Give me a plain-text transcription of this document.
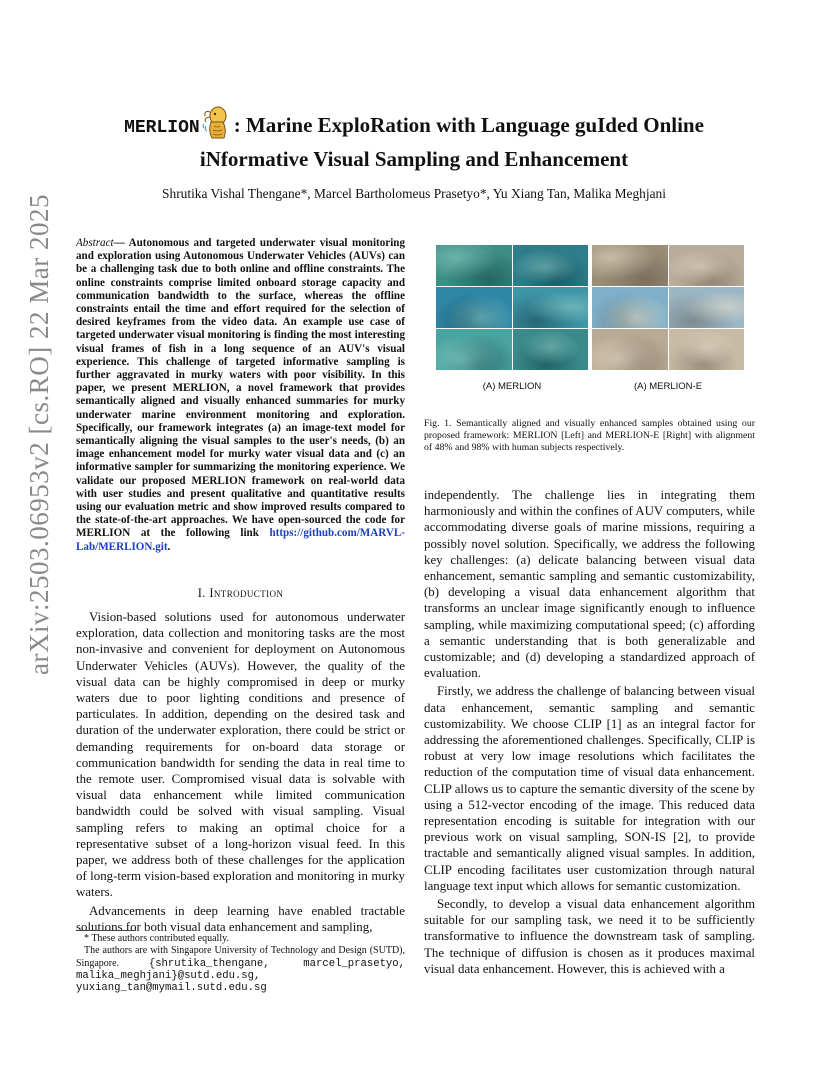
arXiv:2503.06953v2 [cs.RO] 22 Mar 2025
MERLION : Marine ExploRation with Language guIded Online
iNformative Visual Sampling and Enhancement
Shrutika Vishal Thengane*, Marcel Bartholomeus Prasetyo*, Yu Xiang Tan, Malika Meghjani
Abstract— Autonomous and targeted underwater visual monitoring and exploration using Autonomous Underwater Vehicles (AUVs) can be a challenging task due to both online and offline constraints. The online constraints comprise limited onboard storage capacity and communication bandwidth to the surface, whereas the offline constraints entail the time and effort required for the selection of desired keyframes from the video data. An example use case of targeted underwater visual monitoring is finding the most interesting visual frames of fish in a long sequence of an AUV's visual experience. This challenge of targeted informative sampling is further aggravated in murky waters with poor visibility. In this paper, we present MERLION, a novel framework that provides semantically aligned and visually enhanced summaries for murky underwater marine environment monitoring and exploration. Specifically, our framework integrates (a) an image-text model for semantically aligning the visual samples to the user's needs, (b) an image enhancement model for murky water visual data and (c) an informative sampler for summarizing the monitoring experience. We validate our proposed MERLION framework on real-world data with user studies and present qualitative and quantitative results using our evaluation metric and show improved results compared to the state-of-the-art approaches. We have open-sourced the code for MERLION at the following link https://github.com/MARVL-Lab/MERLION.git.
I. Introduction

Vision-based solutions used for autonomous underwater exploration, data collection and monitoring tasks are the most non-invasive and convenient for deployment on Autonomous Underwater Vehicles (AUVs). However, the quality of the visual data can be highly compromised in deep or murky waters due to poor lighting conditions and presence of particulates. In addition, depending on the desired task and duration of the underwater exploration, there could be strict or demanding requirements for on-board data storage or communication bandwidth for sending the data in real time to the remote user. Compromised visual data is solvable with visual data enhancement while limited communication bandwidth could be solved with visual sampling. Visual sampling refers to making an optimal choice for a representative subset of a long-horizon visual feed. In this paper, we address both of these challenges for the application of long-term vision-based exploration and monitoring in murky waters.

Advancements in deep learning have enabled tractable solutions for both visual data enhancement and sampling,

(A) MERLION	(A) MERLION-E
Fig. 1. Semantically aligned and visually enhanced samples obtained using our proposed framework: MERLION [Left] and MERLION-E [Right] with alignment of 48% and 98% with human subjects respectively.

independently. The challenge lies in integrating them harmoniously and within the confines of AUV computers, while accommodating diverse goals of marine missions, requiring a possibly novel solution. Specifically, we address the following key challenges: (a) delicate balancing between visual data enhancement, semantic sampling and semantic customizability, (b) developing a visual data enhancement algorithm that transforms an unclear image significantly enough to influence sampling, while maximizing computational speed; (c) affording a semantic understanding that is both generalizable and customizable; and (d) developing a standardized approach of evaluation.

Firstly, we address the challenge of balancing between visual data enhancement, semantic sampling and semantic customizability. We choose CLIP [1] as an integral factor for addressing the aforementioned challenges. Specifically, CLIP is robust at very low image resolutions which facilitates the reduction of the computation time of visual data enhancement. CLIP allows us to capture the semantic diversity of the scene by using a 512-vector encoding of the image. This reduced data representation encoding is suitable for integration with our previous work on visual sampling, SON-IS [2], to provide tractable and semantically aligned visual samples. In addition, CLIP encoding facilitates user customization through natural language text input which allows for semantic customization.

Secondly, to develop a visual data enhancement algorithm suitable for our sampling task, we need it to be sufficiently transformative to influence the downstream task of sampling. The technique of diffusion is chosen as it produces maximal visual data enhancement. However, this is achieved with a

* These authors contributed equally.

The authors are with Singapore University of Technology and Design (SUTD), Singapore.	{shrutika_thengane, marcel_prasetyo, malika_meghjani}@sutd.edu.sg, yuxiang_tan@mymail.sutd.edu.sg
